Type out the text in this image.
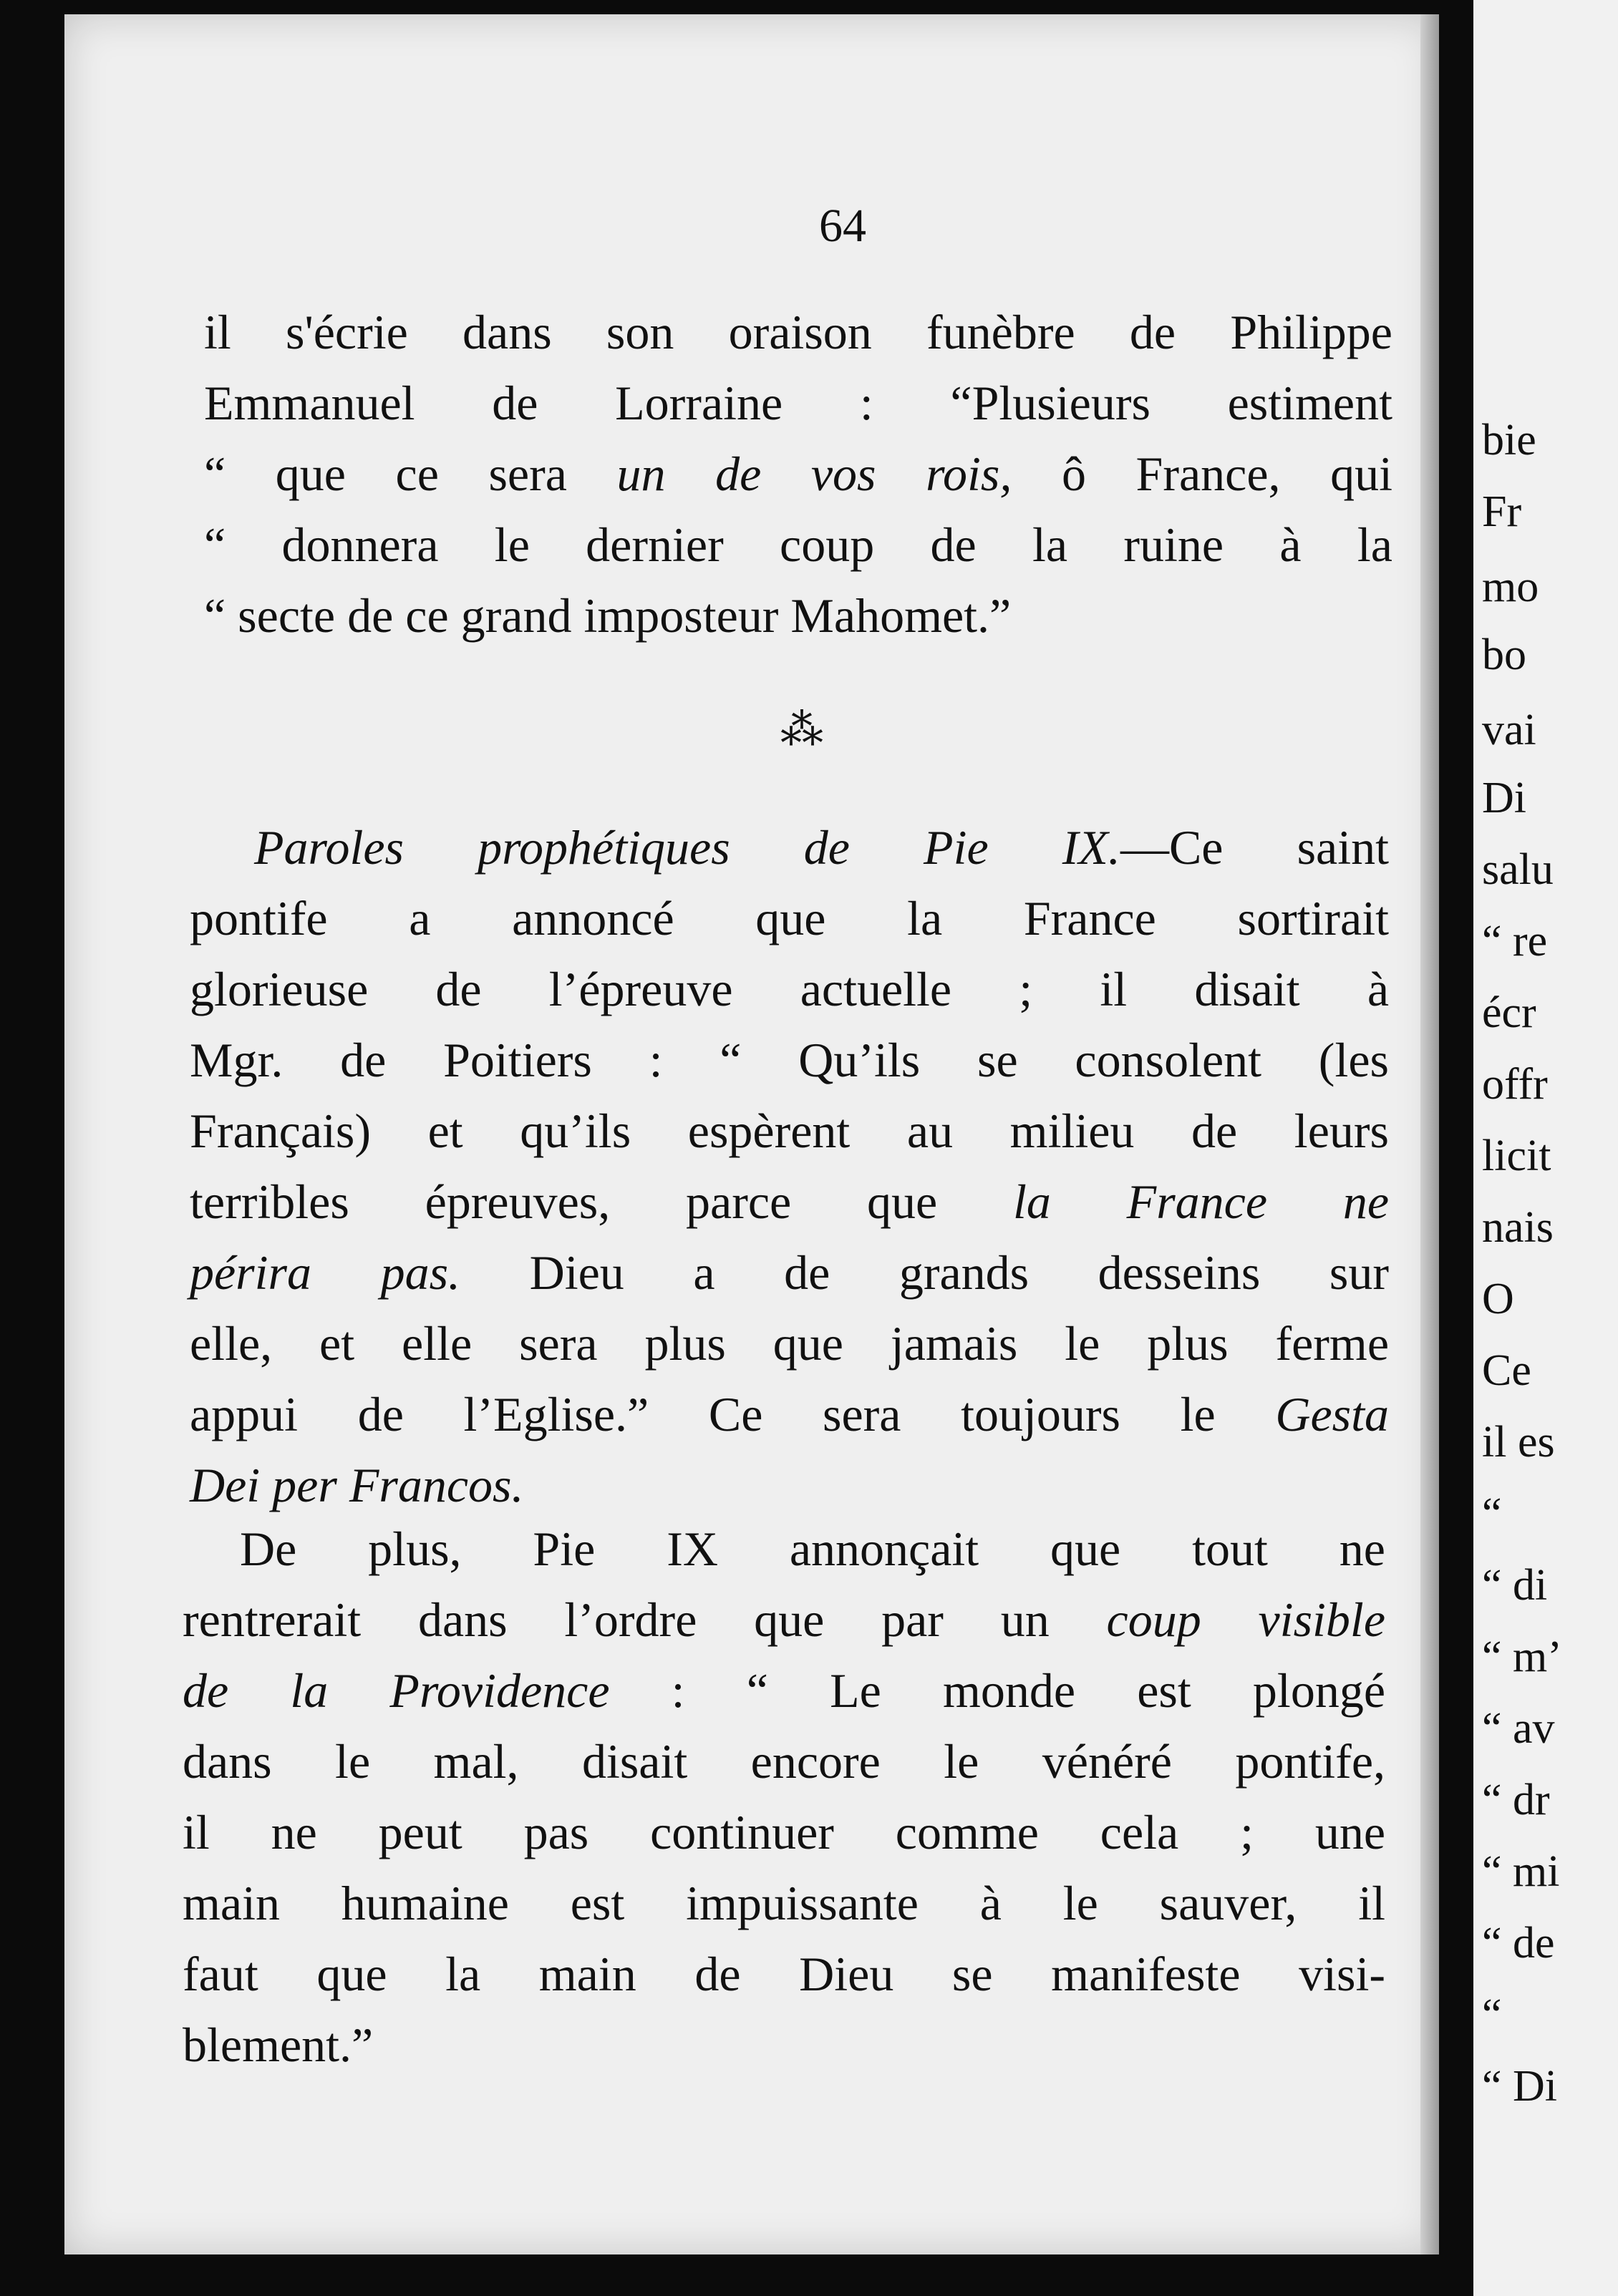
64
il s'écrie dans son oraison funèbre de Philippe
Emmanuel de Lorraine : “Plusieurs estiment
“ que ce sera un de vos rois, ô France, qui
“ donnera le dernier coup de la ruine à la
“ secte de ce grand imposteur Mahomet.”
⁂
Paroles prophétiques de Pie IX.—Ce saint
pontife a annoncé que la France sortirait
glorieuse de l’épreuve actuelle ; il disait à
Mgr. de Poitiers : “ Qu’ils se consolent (les
Français) et qu’ils espèrent au milieu de leurs
terribles épreuves, parce que la France ne
périra pas. Dieu a de grands desseins sur
elle, et elle sera plus que jamais le plus ferme
appui de l’Eglise.” Ce sera toujours le Gesta
Dei per Francos.
De plus, Pie IX annonçait que tout ne
rentrerait dans l’ordre que par un coup visible
de la Providence : “ Le monde est plongé
dans le mal, disait encore le vénéré pontife,
il ne peut pas continuer comme cela ; une
main humaine est impuissante à le sauver, il
faut que la main de Dieu se manifeste visi-
blement.”
bie
Fr
mo
bo
vai
Di
salu
“ re
écr
offr
licit
nais
O
Ce
il es
“
“ di
“ m’
“ av
“ dr
“ mi
“ de
“
“ Di
